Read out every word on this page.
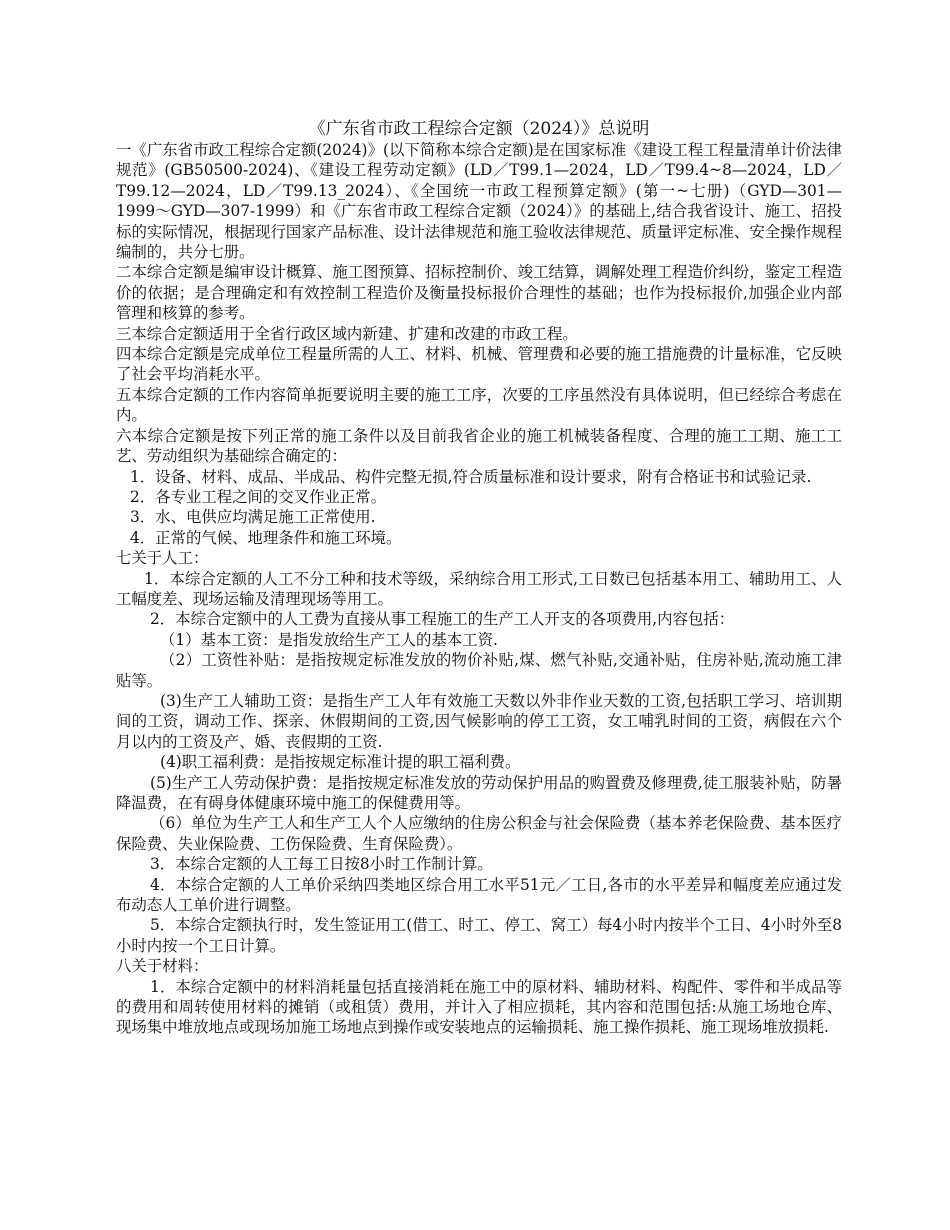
《广东省市政工程综合定额（2024）》总说明

一《广东省市政工程综合定额(2024)》(以下简称本综合定额)是在国家标准《建设工程工程量清单计价法律规范》(GB50500-2024)、《建设工程劳动定额》(LD／T99.1—2024，LD／T99.4~8—2024，LD／T99.12—2024，LD／T99.13_2024）、《全国统一市政工程预算定额》(第一~七册)（GYD—301—1999～GYD—307-1999）和《广东省市政工程综合定额（2024）》的基础上,结合我省设计、施工、招投标的实际情况，根据现行国家产品标准、设计法律规范和施工验收法律规范、质量评定标准、安全操作规程编制的，共分七册。

二本综合定额是编审设计概算、施工图预算、招标控制价、竣工结算，调解处理工程造价纠纷，鉴定工程造价的依据；是合理确定和有效控制工程造价及衡量投标报价合理性的基础；也作为投标报价,加强企业内部管理和核算的参考。

三本综合定额适用于全省行政区域内新建、扩建和改建的市政工程。

四本综合定额是完成单位工程量所需的人工、材料、机械、管理费和必要的施工措施费的计量标准，它反映了社会平均消耗水平。

五本综合定额的工作内容简单扼要说明主要的施工工序，次要的工序虽然没有具体说明，但已经综合考虑在内。

六本综合定额是按下列正常的施工条件以及目前我省企业的施工机械装备程度、合理的施工工期、施工工艺、劳动组织为基础综合确定的：

1．设备、材料、成品、半成品、构件完整无损,符合质量标准和设计要求，附有合格证书和试验记录.

2．各专业工程之间的交叉作业正常。

3．水、电供应均满足施工正常使用.

4．正常的气候、地理条件和施工环境。

七关于人工：

1．本综合定额的人工不分工种和技术等级，采纳综合用工形式,工日数已包括基本用工、辅助用工、人工幅度差、现场运输及清理现场等用工。

2．本综合定额中的人工费为直接从事工程施工的生产工人开支的各项费用,内容包括：

（1）基本工资：是指发放给生产工人的基本工资.

（2）工资性补贴：是指按规定标准发放的物价补贴,煤、燃气补贴,交通补贴，住房补贴,流动施工津贴等。

(3)生产工人辅助工资：是指生产工人年有效施工天数以外非作业天数的工资,包括职工学习、培训期间的工资，调动工作、探亲、休假期间的工资,因气候影响的停工工资，女工哺乳时间的工资，病假在六个月以内的工资及产、婚、丧假期的工资.

(4)职工福利费：是指按规定标准计提的职工福利费。

(5)生产工人劳动保护费：是指按规定标准发放的劳动保护用品的购置费及修理费,徒工服装补贴，防暑降温费，在有碍身体健康环境中施工的保健费用等。

（6）单位为生产工人和生产工人个人应缴纳的住房公积金与社会保险费（基本养老保险费、基本医疗保险费、失业保险费、工伤保险费、生育保险费）。

3．本综合定额的人工每工日按8小时工作制计算。

4．本综合定额的人工单价采纳四类地区综合用工水平51元／工日,各市的水平差异和幅度差应通过发布动态人工单价进行调整。

5．本综合定额执行时，发生签证用工(借工、时工、停工、窝工）每4小时内按半个工日、4小时外至8小时内按一个工日计算。

八关于材料：

1．本综合定额中的材料消耗量包括直接消耗在施工中的原材料、辅助材料、构配件、零件和半成品等的费用和周转使用材料的摊销（或租赁）费用，并计入了相应损耗，其内容和范围包括:从施工场地仓库、现场集中堆放地点或现场加施工场地点到操作或安装地点的运输损耗、施工操作损耗、施工现场堆放损耗.
